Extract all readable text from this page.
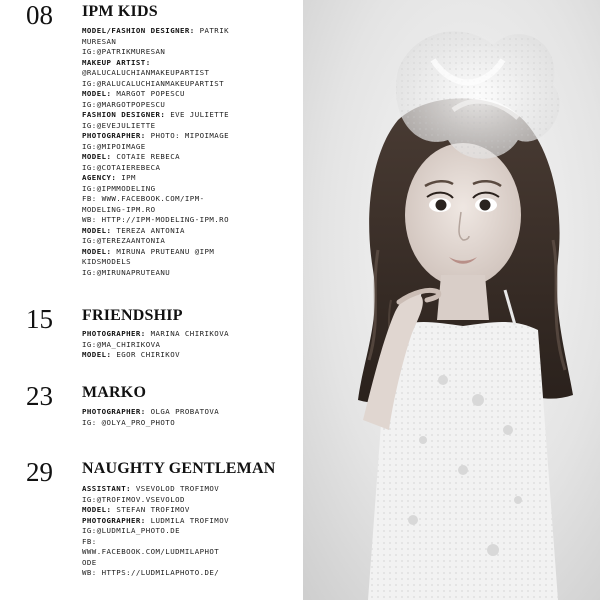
08 IPM KIDS
MODEL/FASHION DESIGNER: PATRIK
MURESAN
IG:@PATRIKMURESAN
MAKEUP ARTIST:
@RALUCALUCHIANMAKEUPARTIST
IG:@RALUCALUCHIANMAKEUPARTIST
MODEL: MARGOT POPESCU
IG:@MARGOTPOPESCU
FASHION DESIGNER: EVE JULIETTE
IG:@EVEJULIETTE
PHOTOGRAPHER: PHOTO: MIPOIMAGE
IG:@MIPOIMAGE
MODEL: COTAIE REBECA
IG:@COTAIEREBECA
AGENCY: IPM
IG:@IPMMODELING
FB: WWW.FACEBOOK.COM/IPM-
MODELING-IPM.RO
WB: HTTP://IPM-MODELING-IPM.RO
MODEL: TEREZA ANTONIA
IG:@TEREZAANTONIA
MODEL: MIRUNA PRUTEANU @IPM
KIDSMODELS
IG:@MIRUNAPRUTEANU
15 FRIENDSHIP
PHOTOGRAPHER: MARINA CHIRIKOVA
IG:@MA_CHIRIKOVA
MODEL: EGOR CHIRIKOV
23 MARKO
PHOTOGRAPHER: OLGA PROBATOVA
IG: @OLYA_PRO_PHOTO
29 NAUGHTY GENTLEMAN
ASSISTANT: VSEVOLOD TROFIMOV
IG:@TROFIMOV.VSEVOLOD
MODEL: STEFAN TROFIMOV
PHOTOGRAPHER: LUDMILA TROFIMOV
IG:@LUDMILA_PHOTO.DE
FB:
WWW.FACEBOOK.COM/LUDMILAPHOT
ODE
WB: HTTPS://LUDMILAPHOTO.DE/
